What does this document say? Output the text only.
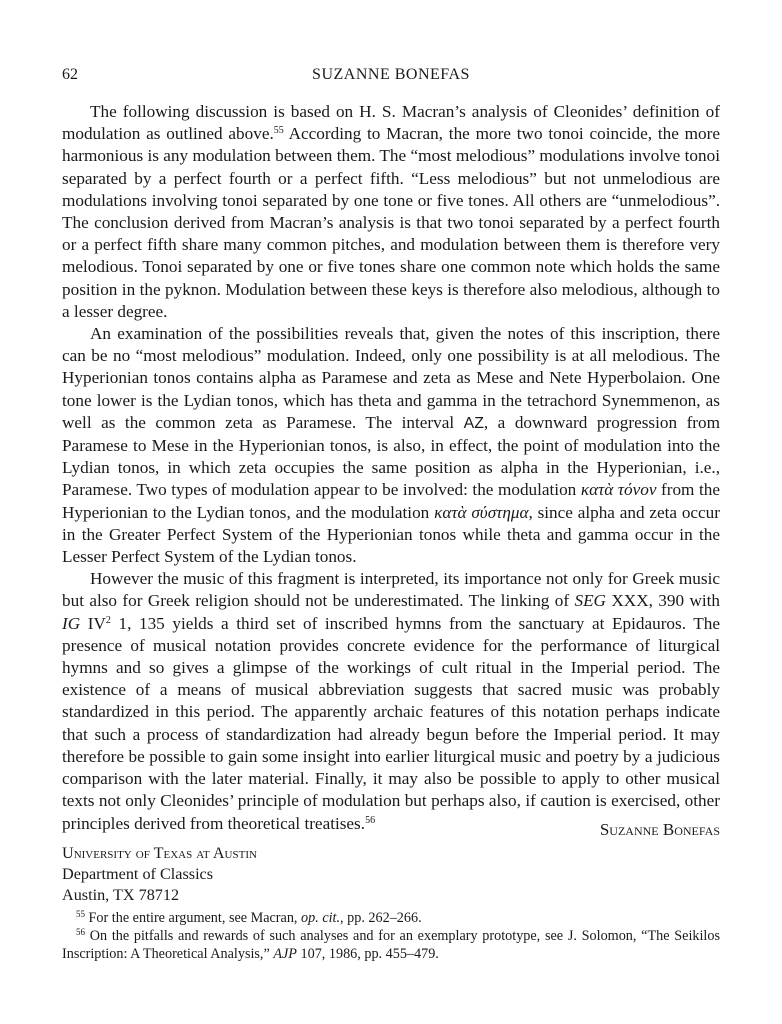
62	SUZANNE BONEFAS

The following discussion is based on H. S. Macran’s analysis of Cleonides’ definition of modulation as outlined above.$^{55}$ According to Macran, the more two tonoi coincide, the more harmonious is any modulation between them. The “most melodious” modulations involve tonoi separated by a perfect fourth or a perfect fifth. “Less melodious” but not unmelodious are modulations involving tonoi separated by one tone or five tones. All others are “unmelodious”. The conclusion derived from Macran’s analysis is that two tonoi separated by a perfect fourth or a perfect fifth share many common pitches, and modulation between them is therefore very melodious. Tonoi separated by one or five tones share one common note which holds the same position in the pyknon. Modulation between these keys is therefore also melodious, although to a lesser degree.

An examination of the possibilities reveals that, given the notes of this inscription, there can be no “most melodious” modulation. Indeed, only one possibility is at all melodious. The Hyperionian tonos contains alpha as Paramese and zeta as Mese and Nete Hyperbolaion. One tone lower is the Lydian tonos, which has theta and gamma in the tetrachord Synemmenon, as well as the common zeta as Paramese. The interval AZ, a downward progression from Paramese to Mese in the Hyperionian tonos, is also, in effect, the point of modulation into the Lydian tonos, in which zeta occupies the same position as alpha in the Hyperionian, i.e., Paramese. Two types of modulation appear to be involved: the modulation κατὰ τόνον from the Hyperionian to the Lydian tonos, and the modulation κατὰ σύστημα, since alpha and zeta occur in the Greater Perfect System of the Hyperionian tonos while theta and gamma occur in the Lesser Perfect System of the Lydian tonos.

However the music of this fragment is interpreted, its importance not only for Greek music but also for Greek religion should not be underestimated. The linking of SEG XXX, 390 with IG $IV^2$ 1, 135 yields a third set of inscribed hymns from the sanctuary at Epidauros. The presence of musical notation provides concrete evidence for the performance of liturgical hymns and so gives a glimpse of the workings of cult ritual in the Imperial period. The existence of a means of musical abbreviation suggests that sacred music was probably standardized in this period. The apparently archaic features of this notation perhaps indicate that such a process of standardization had already begun before the Imperial period. It may therefore be possible to gain some insight into earlier liturgical music and poetry by a judicious comparison with the later material. Finally, it may also be possible to apply to other musical texts not only Cleonides’ principle of modulation but perhaps also, if caution is exercised, other principles derived from theoretical treatises.$^{56}$	Suzanne Bonefas
University of Texas at Austin
Department of Classics
Austin, TX 78712

$^{55}$ For the entire argument, see Macran, op. cit., pp. 262–266.

$^{56}$ On the pitfalls and rewards of such analyses and for an exemplary prototype, see J. Solomon, “The Seikilos Inscription: A Theoretical Analysis,” AJP 107, 1986, pp. 455–479.
